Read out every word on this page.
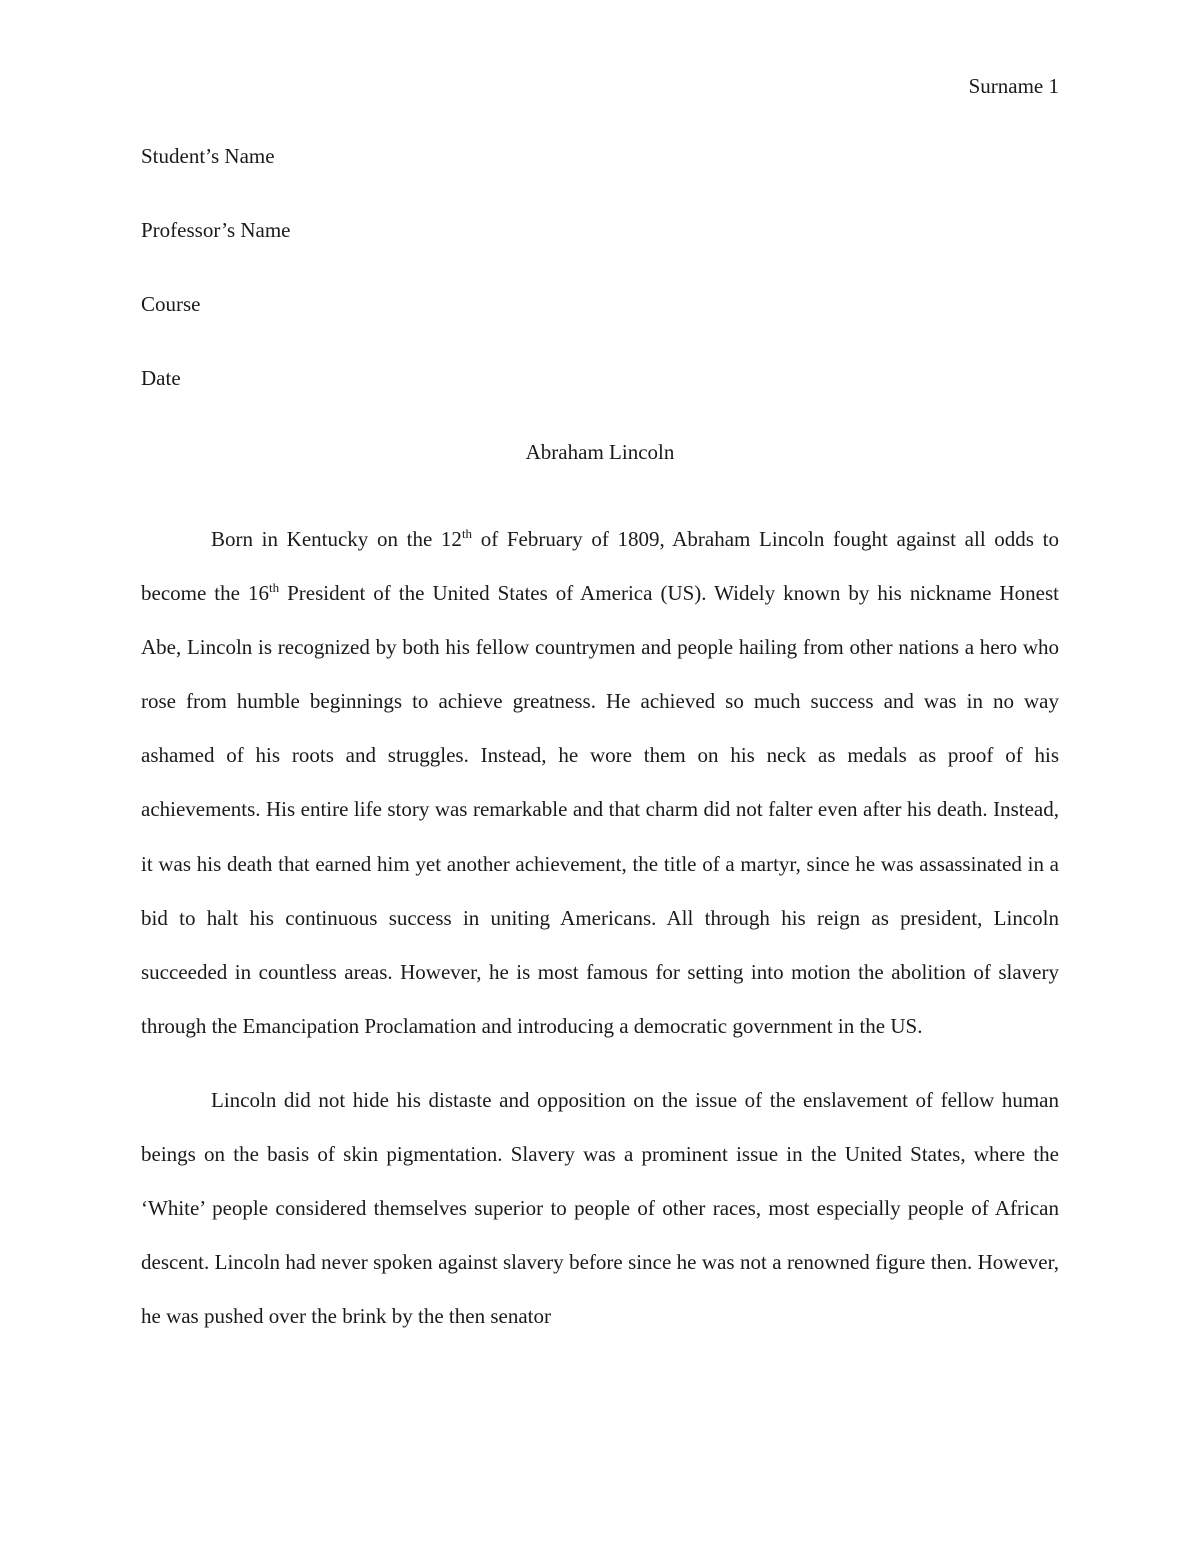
Surname 1
Student’s Name
Professor’s Name
Course
Date
Abraham Lincoln

Born in Kentucky on the 12th of February of 1809, Abraham Lincoln fought against all odds to become the 16th President of the United States of America (US). Widely known by his nickname Honest Abe, Lincoln is recognized by both his fellow countrymen and people hailing from other nations a hero who rose from humble beginnings to achieve greatness. He achieved so much success and was in no way ashamed of his roots and struggles. Instead, he wore them on his neck as medals as proof of his achievements. His entire life story was remarkable and that charm did not falter even after his death. Instead, it was his death that earned him yet another achievement, the title of a martyr, since he was assassinated in a bid to halt his continuous success in uniting Americans. All through his reign as president, Lincoln succeeded in countless areas. However, he is most famous for setting into motion the abolition of slavery through the Emancipation Proclamation and introducing a democratic government in the US.

Lincoln did not hide his distaste and opposition on the issue of the enslavement of fellow human beings on the basis of skin pigmentation. Slavery was a prominent issue in the United States, where the ‘White’ people considered themselves superior to people of other races, most especially people of African descent. Lincoln had never spoken against slavery before since he was not a renowned figure then. However, he was pushed over the brink by the then senator
